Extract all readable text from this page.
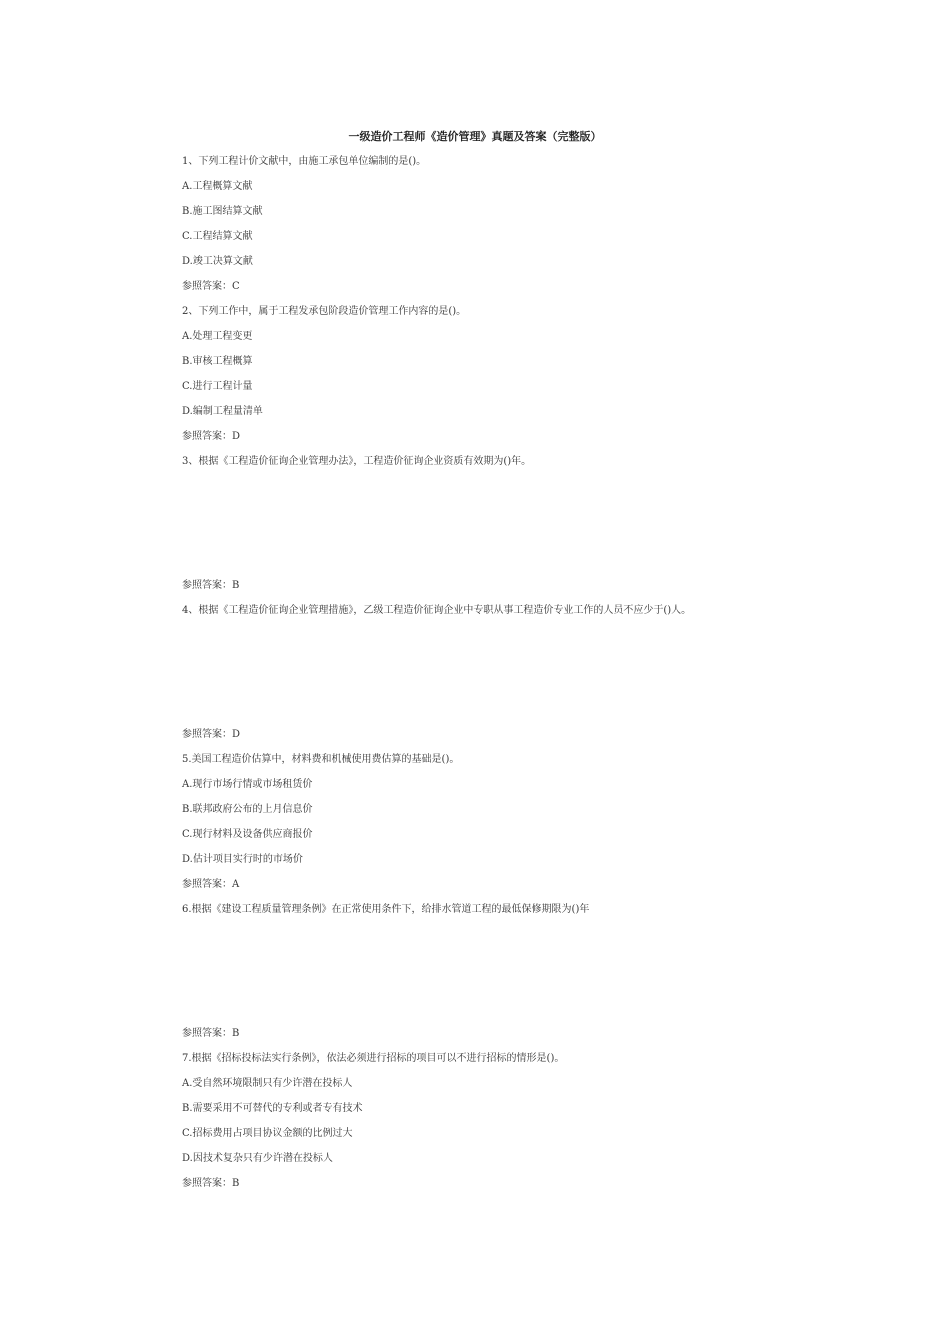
一级造价工程师《造价管理》真题及答案（完整版）
1、下列工程计价文献中，由施工承包单位编制的是()。
A.工程概算文献
B.施工图结算文献
C.工程结算文献
D.竣工决算文献
参照答案：C
2、下列工作中，属于工程发承包阶段造价管理工作内容的是()。
A.处理工程变更
B.审核工程概算
C.进行工程计量
D.编制工程量清单
参照答案：D
3、根据《工程造价征询企业管理办法》，工程造价征询企业资质有效期为()年。
参照答案：B
4、根据《工程造价征询企业管理措施》，乙级工程造价征询企业中专职从事工程造价专业工作的人员不应少于()人。
参照答案：D
5.美国工程造价估算中，材料费和机械使用费估算的基础是()。
A.现行市场行情或市场租赁价
B.联邦政府公布的上月信息价
C.现行材料及设备供应商报价
D.估计项目实行时的市场价
参照答案：A
6.根据《建设工程质量管理条例》在正常使用条件下，给排水管道工程的最低保修期限为()年
参照答案：B
7.根据《招标投标法实行条例》，依法必须进行招标的项目可以不进行招标的情形是()。
A.受自然环境限制只有少许潜在投标人
B.需要采用不可替代的专利或者专有技术
C.招标费用占项目协议金额的比例过大
D.因技术复杂只有少许潜在投标人
参照答案：B
